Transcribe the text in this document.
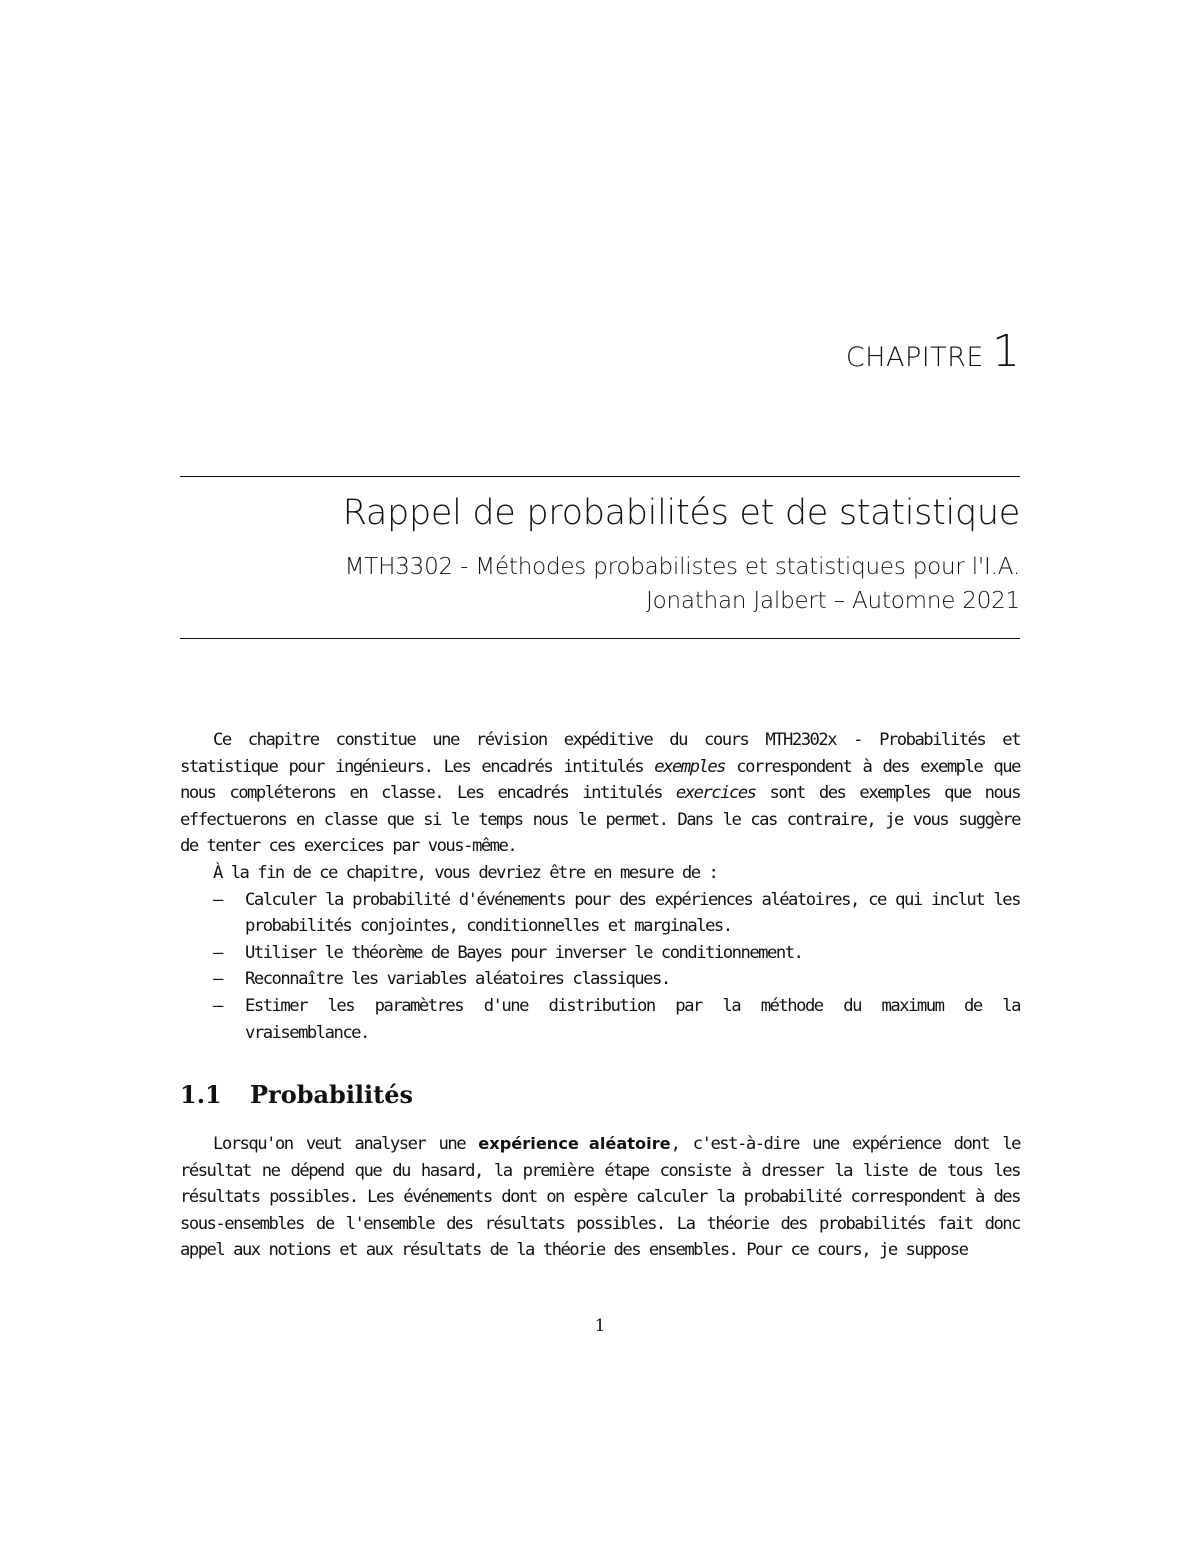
CHAPITRE 1
Rappel de probabilités et de statistique
MTH3302 - Méthodes probabilistes et statistiques pour l'I.A.
Jonathan Jalbert – Automne 2021

Ce chapitre constitue une révision expéditive du cours MTH2302x - Probabilités et statistique pour ingénieurs. Les encadrés intitulés exemples correspondent à des exemple que nous compléterons en classe. Les encadrés intitulés exercices sont des exemples que nous effectuerons en classe que si le temps nous le permet. Dans le cas contraire, je vous suggère de tenter ces exercices par vous-même.

À la fin de ce chapitre, vous devriez être en mesure de :

— Calculer la probabilité d'événements pour des expériences aléatoires, ce qui inclut les probabilités conjointes, conditionnelles et marginales.
— Utiliser le théorème de Bayes pour inverser le conditionnement.
— Reconnaître les variables aléatoires classiques.
— Estimer les paramètres d'une distribution par la méthode du maximum de la vraisemblance.
1.1 Probabilités

Lorsqu'on veut analyser une expérience aléatoire, c'est-à-dire une expérience dont le résultat ne dépend que du hasard, la première étape consiste à dresser la liste de tous les résultats possibles. Les événements dont on espère calculer la probabilité correspondent à des sous-ensembles de l'ensemble des résultats possibles. La théorie des probabilités fait donc appel aux notions et aux résultats de la théorie des ensembles. Pour ce cours, je suppose

1
